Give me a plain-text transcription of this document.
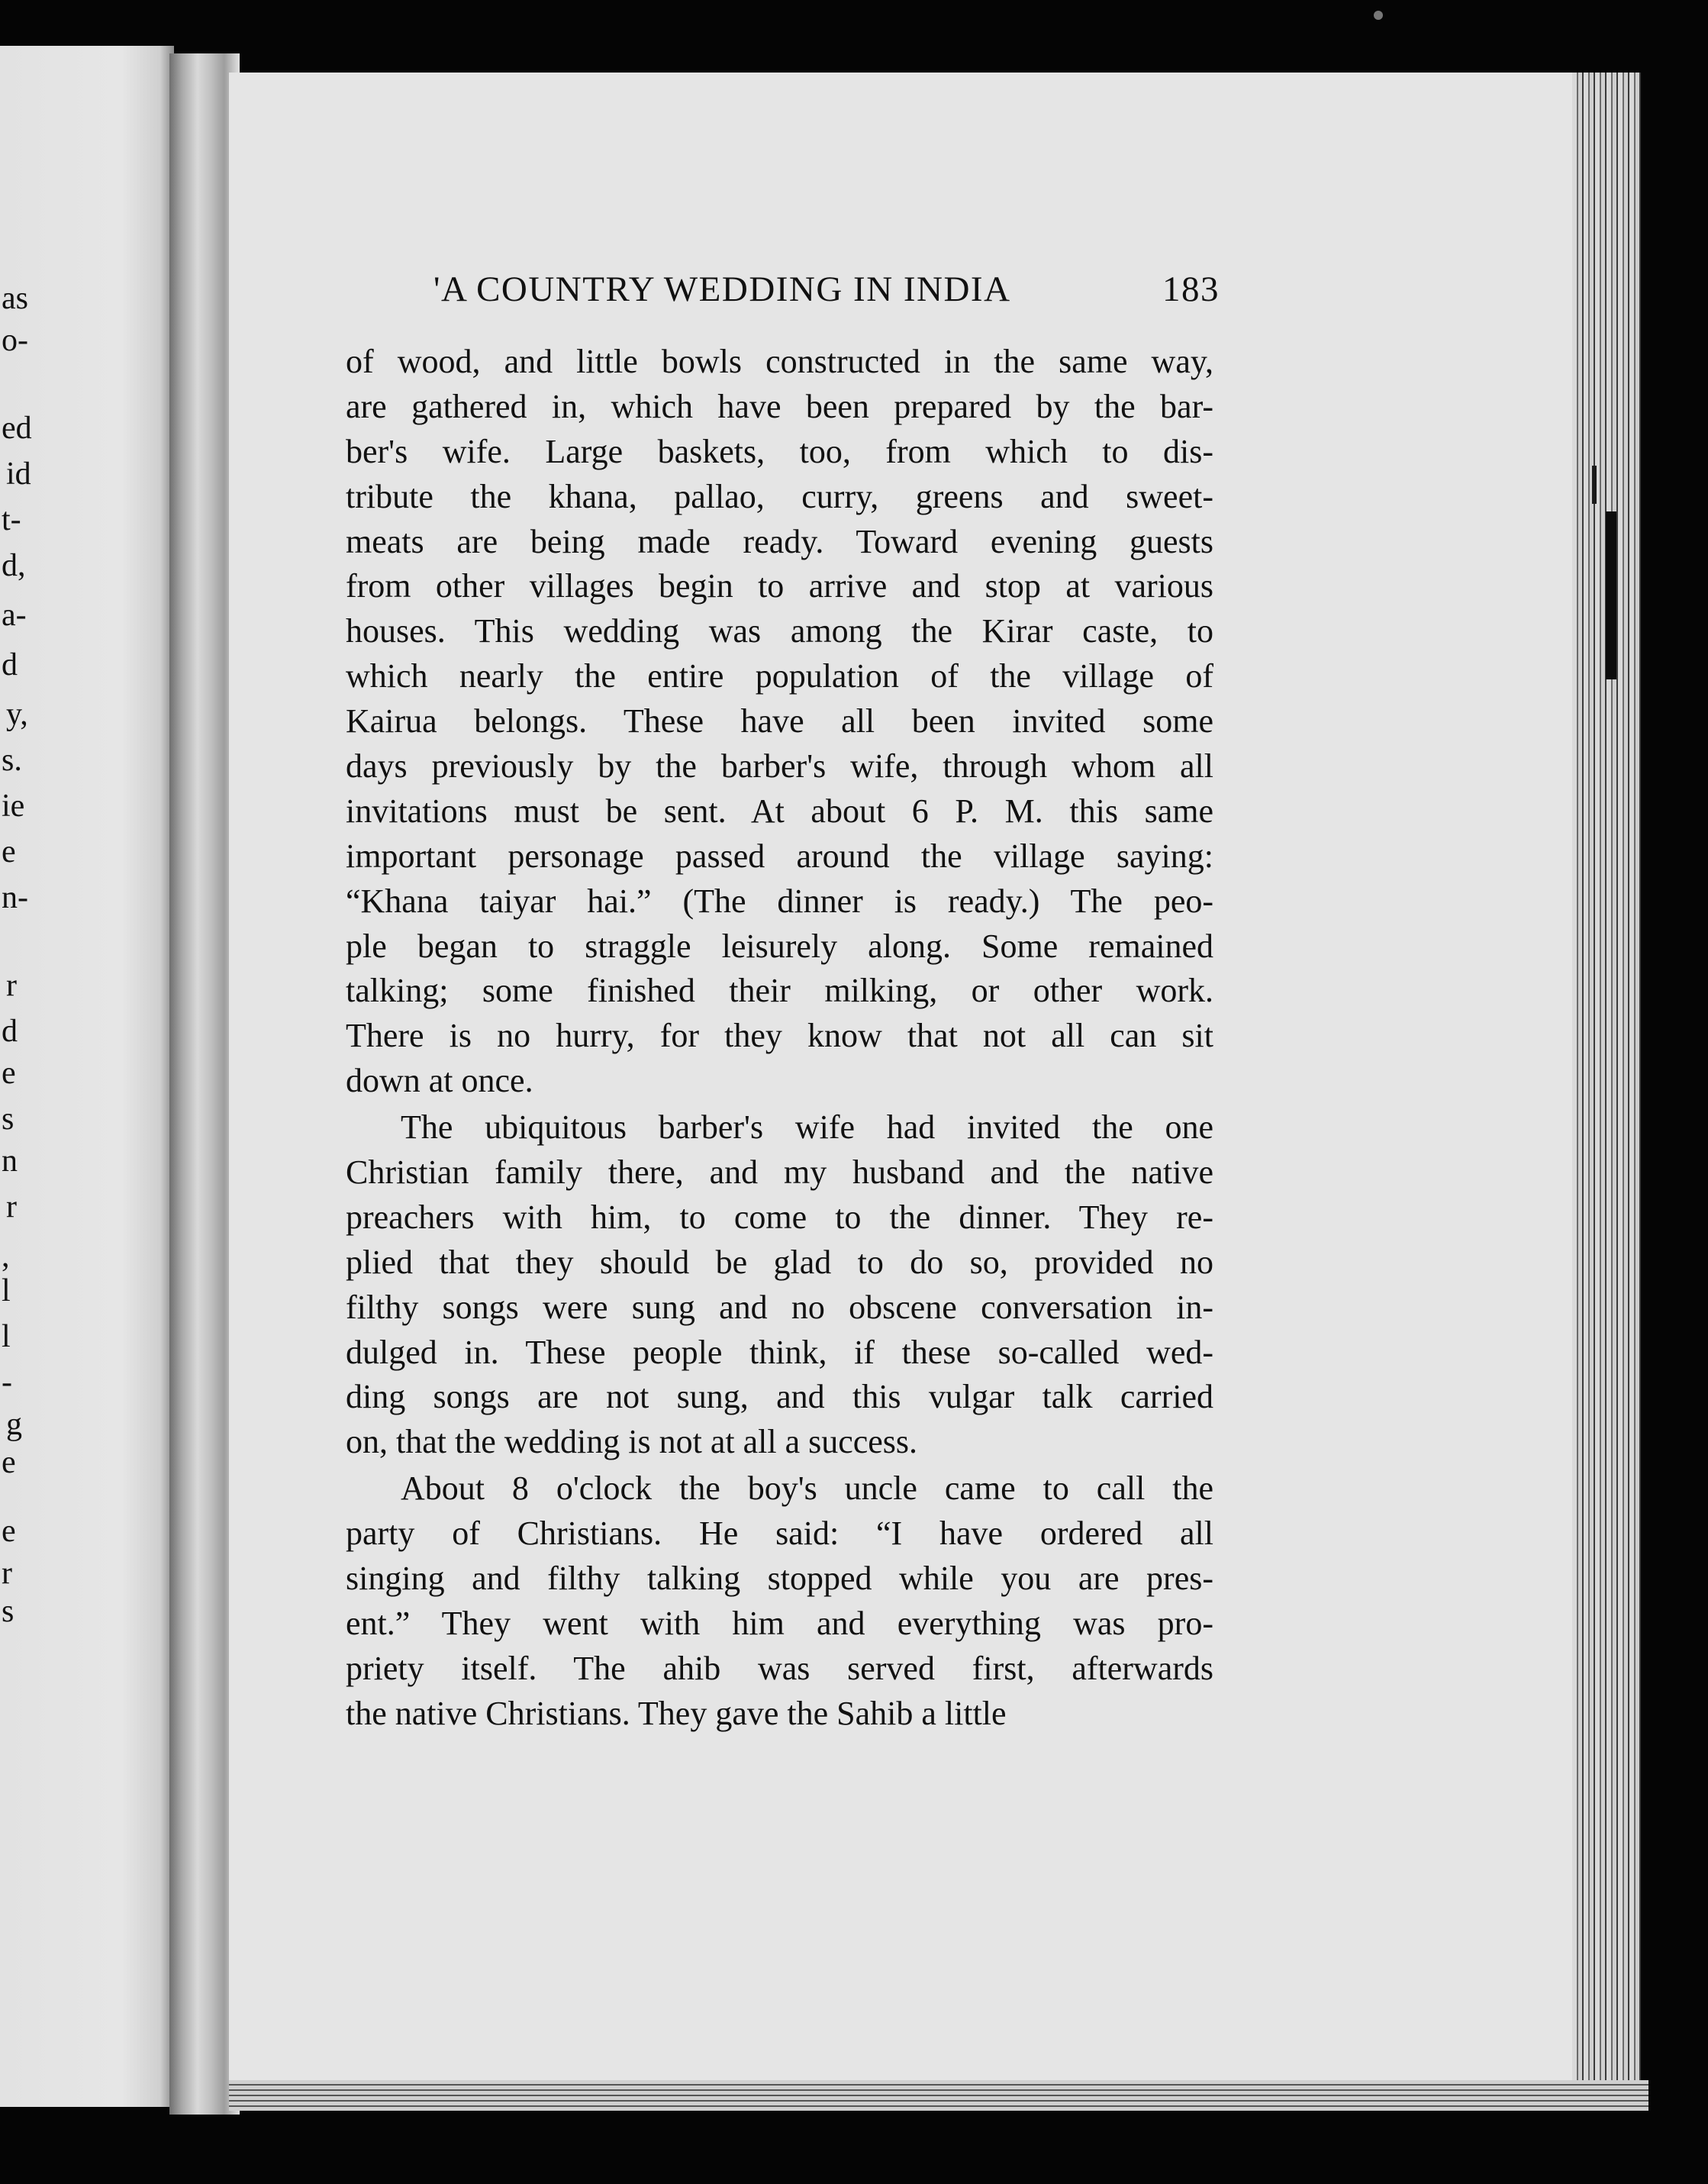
as
o-
ed
id
t-
d,
a-
d
y,
s.
ie
e
n-
r
d
e
s
n
r
,
l
l
-
g
e
e
r
s
'A COUNTRY WEDDING IN INDIA	183
of wood, and little bowls constructed in the same way,
are gathered in, which have been prepared by the bar-
ber's wife. Large baskets, too, from which to dis-
tribute the khana, pallao, curry, greens and sweet-
meats are being made ready. Toward evening guests
from other villages begin to arrive and stop at various
houses. This wedding was among the Kirar caste, to
which nearly the entire population of the village of
Kairua belongs. These have all been invited some
days previously by the barber's wife, through whom all
invitations must be sent. At about 6 P. M. this same
important personage passed around the village saying:
“Khana taiyar hai.” (The dinner is ready.) The peo-
ple began to straggle leisurely along. Some remained
talking; some finished their milking, or other work.
There is no hurry, for they know that not all can sit
down at once.
The ubiquitous barber's wife had invited the one
Christian family there, and my husband and the native
preachers with him, to come to the dinner. They re-
plied that they should be glad to do so, provided no
filthy songs were sung and no obscene conversation in-
dulged in. These people think, if these so-called wed-
ding songs are not sung, and this vulgar talk carried
on, that the wedding is not at all a success.
About 8 o'clock the boy's uncle came to call the
party of Christians. He said: “I have ordered all
singing and filthy talking stopped while you are pres-
ent.” They went with him and everything was pro-
priety itself. The ahib was served first, afterwards
the native Christians. They gave the Sahib a little
